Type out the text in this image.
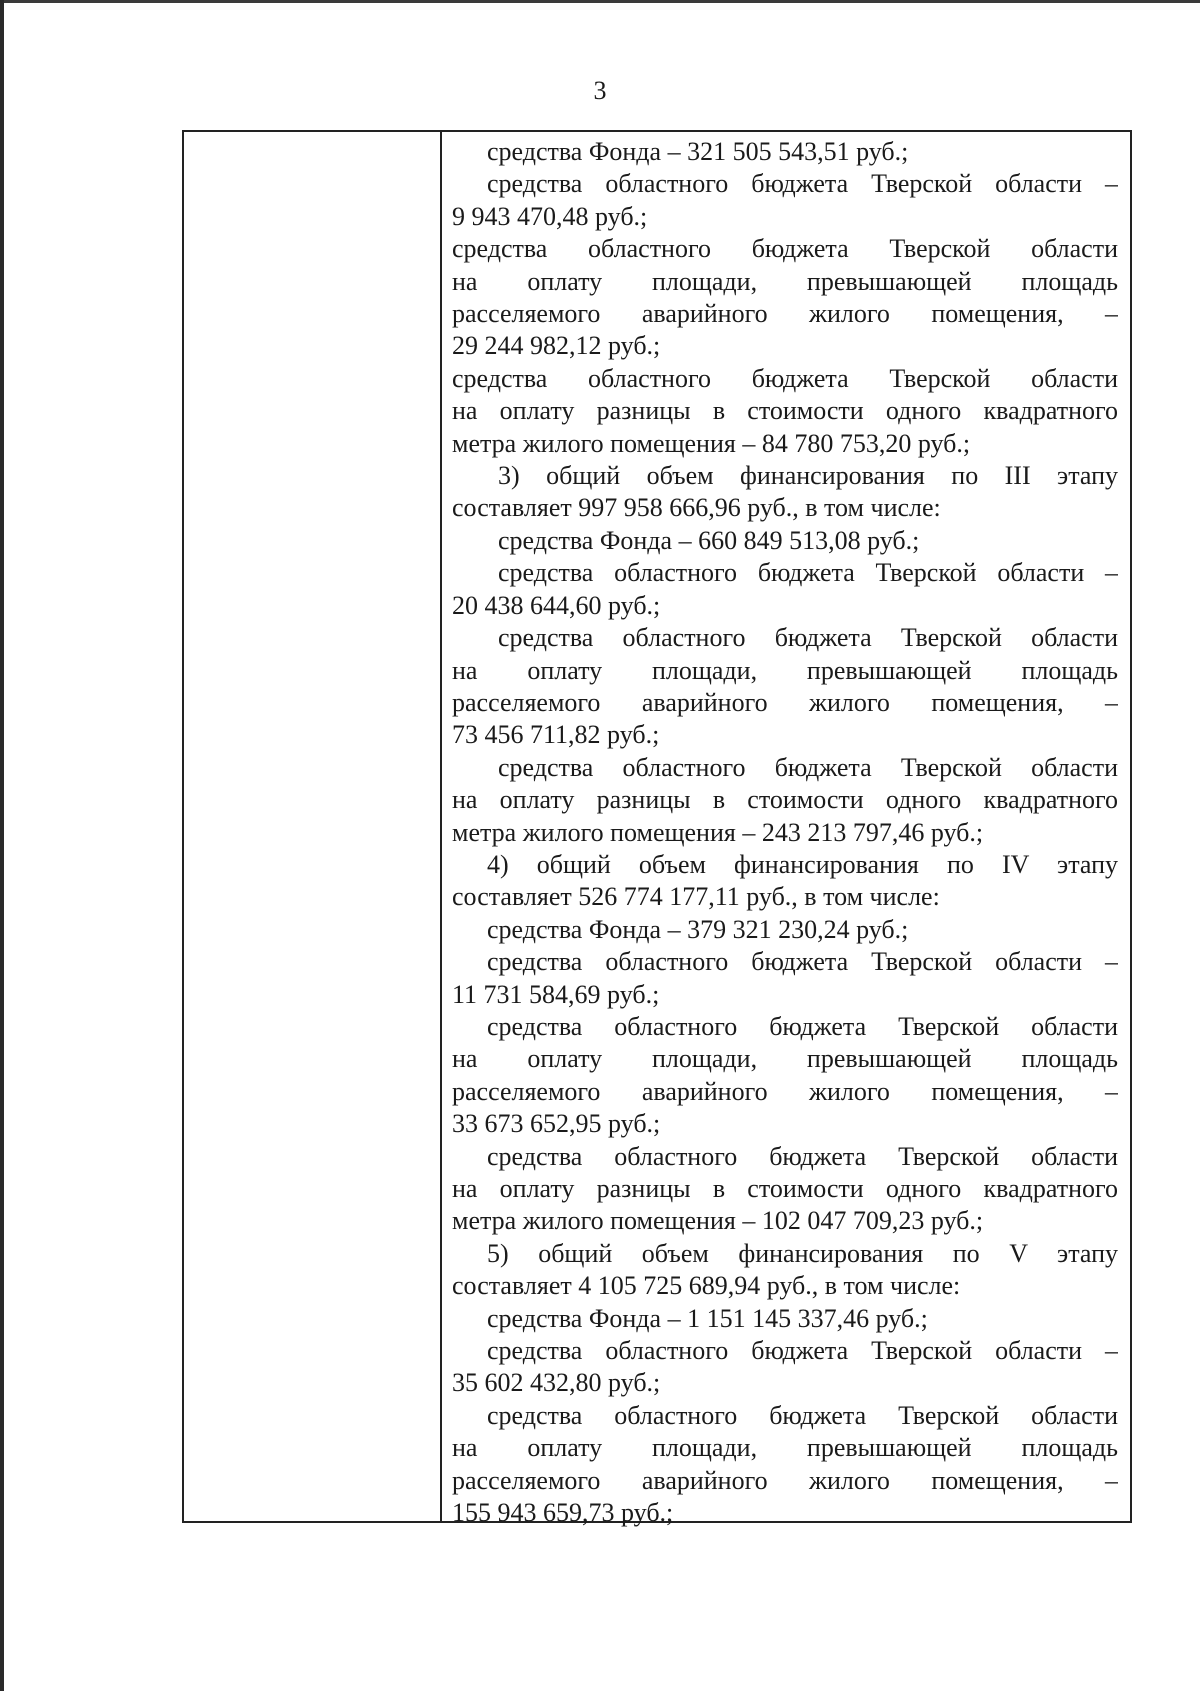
3
средства Фонда – 321 505 543,51 руб.;
средства областного бюджета Тверской области –
9 943 470,48 руб.;
средства областного бюджета Тверской области
на оплату площади, превышающей площадь
расселяемого аварийного жилого помещения, –
29 244 982,12 руб.;
средства областного бюджета Тверской области
на оплату разницы в стоимости одного квадратного
метра жилого помещения – 84 780 753,20 руб.;
3) общий объем финансирования по III этапу
составляет 997 958 666,96 руб., в том числе:
средства Фонда – 660 849 513,08 руб.;
средства областного бюджета Тверской области –
20 438 644,60 руб.;
средства областного бюджета Тверской области
на оплату площади, превышающей площадь
расселяемого аварийного жилого помещения, –
73 456 711,82 руб.;
средства областного бюджета Тверской области
на оплату разницы в стоимости одного квадратного
метра жилого помещения – 243 213 797,46 руб.;
4) общий объем финансирования по IV этапу
составляет 526 774 177,11 руб., в том числе:
средства Фонда – 379 321 230,24 руб.;
средства областного бюджета Тверской области –
11 731 584,69 руб.;
средства областного бюджета Тверской области
на оплату площади, превышающей площадь
расселяемого аварийного жилого помещения, –
33 673 652,95 руб.;
средства областного бюджета Тверской области
на оплату разницы в стоимости одного квадратного
метра жилого помещения – 102 047 709,23 руб.;
5) общий объем финансирования по V этапу
составляет 4 105 725 689,94 руб., в том числе:
средства Фонда – 1 151 145 337,46 руб.;
средства областного бюджета Тверской области –
35 602 432,80 руб.;
средства областного бюджета Тверской области
на оплату площади, превышающей площадь
расселяемого аварийного жилого помещения, –
155 943 659,73 руб.;
